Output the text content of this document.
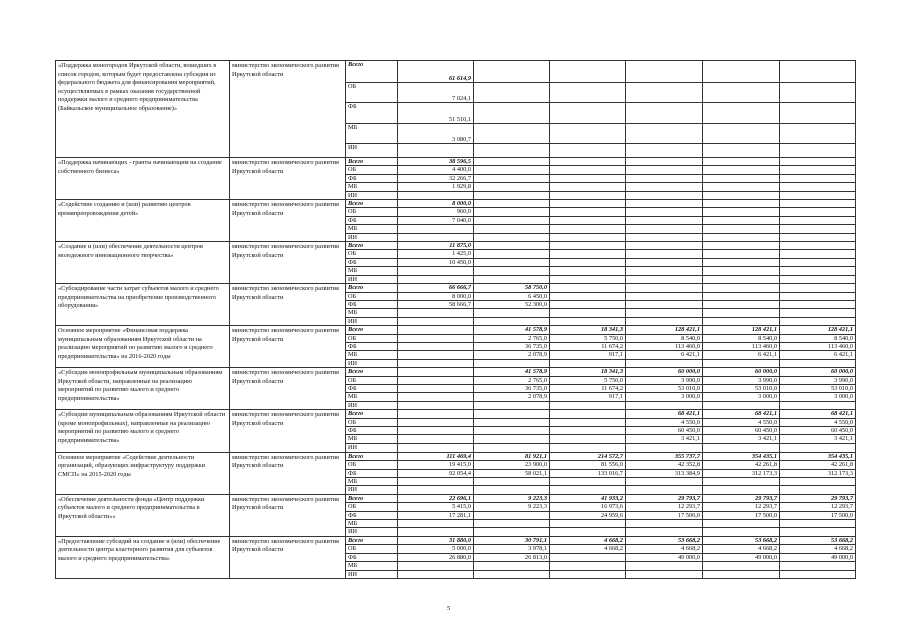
«Поддержка моногородов Иркутской области, вошедших в список городов, которым будет предоставлена субсидия из федерального бюджета для финансирования мероприятий, осуществляемых в рамках оказания государственной поддержки малого и среднего предпринимательства (Байкальское муниципальное образование)»	министерство экономического развития Иркутской области	Всего	61 614,9					
		ОБ	7 024,1					
		ФБ	51 510,1					
		МБ	3 080,7					
		ИИ						
«Поддержка начинающих - гранты начинающим на создание собственного бизнеса»	министерство экономического развития Иркутской области	Всего	38 596,5					
		ОБ	4 400,0					
		ФБ	32 266,7					
		МБ	1 929,8					
		ИИ						
«Содействие созданию и (или) развитию центров времяпрепровождения детей»	министерство экономического развития Иркутской области	Всего	8 000,0					
		ОБ	960,0					
		ФБ	7 040,0					
		МБ						
		ИИ						
«Создание и (или) обеспечение деятельности центров молодежного инновационного творчества»	министерство экономического развития Иркутской области	Всего	11 875,0					
		ОБ	1 425,0					
		ФБ	10 450,0					
		МБ						
		ИИ						
«Субсидирование части затрат субъектов малого и среднего предпринимательства на приобретение производственного оборудования»	министерство экономического развития Иркутской области	Всего	66 666,7	58 750,0				
		ОБ	8 000,0	6 450,0				
		ФБ	58 666,7	52 300,0				
		МБ						
		ИИ						
Основное мероприятие «Финансовая поддержка муниципальным образованиям Иркутской области на реализацию мероприятий по развитию малого и среднего предпринимательства» на 2016-2020 годы	министерство экономического развития Иркутской области	Всего		41 578,9	18 341,3	128 421,1	128 421,1	128 421,1
		ОБ		2 765,0	5 750,0	8 540,0	8 540,0	8 540,0
		ФБ		36 735,0	11 674,2	113 460,0	113 460,0	113 460,0
		МБ		2 078,9	917,1	6 421,1	6 421,1	6 421,1
		ИИ						
«Субсидии монопрофильным муниципальным образованиям Иркутской области, направленные на реализацию мероприятий по развитию малого и среднего предпринимательства»	министерство экономического развития Иркутской области	Всего		41 578,9	18 341,3	60 000,0	60 000,0	60 000,0
		ОБ		2 765,0	5 750,0	3 990,0	3 990,0	3 990,0
		ФБ		36 735,0	11 674,2	53 010,0	53 010,0	53 010,0
		МБ		2 078,9	917,1	3 000,0	3 000,0	3 000,0
		ИИ						
«Субсидии муниципальным образованиям Иркутской области (кроме монопрофильных), направленные на реализацию мероприятий по развитию малого и среднего предпринимательства»	министерство экономического развития Иркутской области	Всего				68 421,1	68 421,1	68 421,1
		ОБ				4 550,0	4 550,0	4 550,0
		ФБ				60 450,0	60 450,0	60 450,0
		МБ				3 421,1	3 421,1	3 421,1
		ИИ						
Основное мероприятие «Содействие деятельности организаций, образующих инфраструктуру поддержки СМСП» на 2015-2020 годы	министерство экономического развития Иркутской области	Всего	111 469,4	81 921,1	214 572,7	355 737,7	354 435,1	354 435,1
		ОБ	19 415,0	23 900,0	81 556,0	42 352,8	42 261,8	42 261,8
		ФБ	92 054,4	58 021,1	133 016,7	313 384,9	312 173,3	312 173,3
		МБ						
		ИИ						
«Обеспечение деятельности фонда «Центр поддержки субъектов малого и среднего предпринимательства в Иркутской области»»	министерство экономического развития Иркутской области	Всего	22 696,1	9 223,3	41 933,2	29 793,7	29 793,7	29 793,7
		ОБ	5 415,0	9 223,3	16 973,6	12 293,7	12 293,7	12 293,7
		ФБ	17 281,1		24 959,6	17 500,0	17 500,0	17 500,0
		МБ						
		ИИ						
«Предоставление субсидий на создание и (или) обеспечение деятельности центра кластерного развития для субъектов малого и среднего предпринимательства»	министерство экономического развития Иркутской области	Всего	31 880,0	30 791,1	4 668,2	53 668,2	53 668,2	53 668,2
		ОБ	5 000,0	3 978,1	4 668,2	4 668,2	4 668,2	4 668,2
		ФБ	26 880,0	26 813,0		49 000,0	49 000,0	49 000,0
		МБ						
		ИИ						
5
